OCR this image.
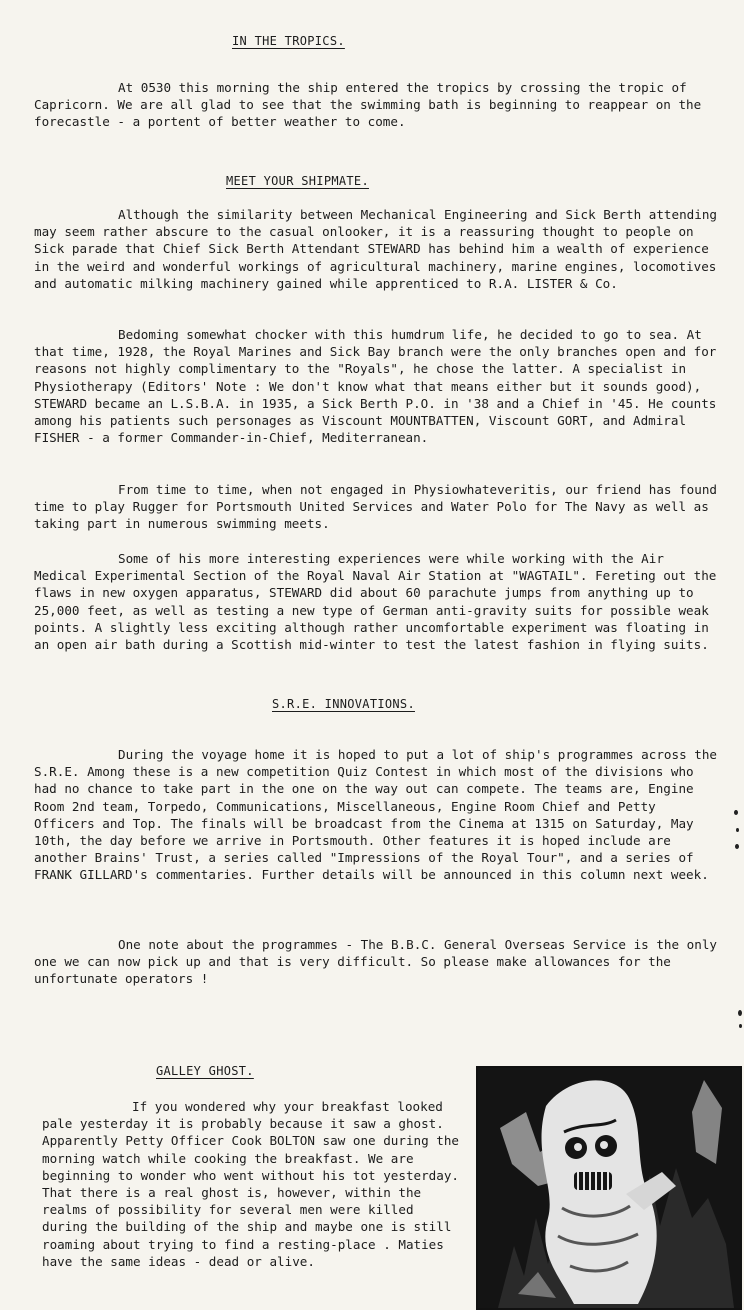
IN THE TROPICS.

At 0530 this morning the ship entered the tropics by crossing the tropic of Capricorn. We are all glad to see that the swimming bath is beginning to reappear on the forecastle - a portent of better weather to come.

MEET YOUR SHIPMATE.

Although the similarity between Mechanical Engineering and Sick Berth attending may seem rather abscure to the casual onlooker, it is a reassuring thought to people on Sick parade that Chief Sick Berth Attendant STEWARD has behind him a wealth of experience in the weird and wonderful workings of agricultural machinery, marine engines, locomotives and automatic milking machinery gained while apprenticed to R.A. LISTER & Co.

Bedoming somewhat chocker with this humdrum life, he decided to go to sea. At that time, 1928, the Royal Marines and Sick Bay branch were the only branches open and for reasons not highly complimentary to the "Royals", he chose the latter. A specialist in Physiotherapy (Editors' Note : We don't know what that means either but it sounds good), STEWARD became an L.S.B.A. in 1935, a Sick Berth P.O. in '38 and a Chief in '45. He counts among his patients such personages as Viscount MOUNTBATTEN, Viscount GORT, and Admiral FISHER - a former Commander-in-Chief, Mediterranean.

From time to time, when not engaged in Physiowhateveritis, our friend has found time to play Rugger for Portsmouth United Services and Water Polo for The Navy as well as taking part in numerous swimming meets.

Some of his more interesting experiences were while working with the Air Medical Experimental Section of the Royal Naval Air Station at "WAGTAIL". Fereting out the flaws in new oxygen apparatus, STEWARD did about 60 parachute jumps from anything up to 25,000 feet, as well as testing a new type of German anti-gravity suits for possible weak points. A slightly less exciting although rather uncomfortable experiment was floating in an open air bath during a Scottish mid-winter to test the latest fashion in flying suits.

S.R.E. INNOVATIONS.

During the voyage home it is hoped to put a lot of ship's programmes across the S.R.E. Among these is a new competition Quiz Contest in which most of the divisions who had no chance to take part in the one on the way out can compete. The teams are, Engine Room 2nd team, Torpedo, Communications, Miscellaneous, Engine Room Chief and Petty Officers and Top. The finals will be broadcast from the Cinema at 1315 on Saturday, May 10th, the day before we arrive in Portsmouth. Other features it is hoped include are another Brains' Trust, a series called "Impressions of the Royal Tour", and a series of FRANK GILLARD's commentaries. Further details will be announced in this column next week.

One note about the programmes - The B.B.C. General Overseas Service is the only one we can now pick up and that is very difficult. So please make allowances for the unfortunate operators !

GALLEY GHOST.

If you wondered why your breakfast looked pale yesterday it is probably because it saw a ghost. Apparently Petty Officer Cook BOLTON saw one during the morning watch while cooking the breakfast. We are beginning to wonder who went without his tot yesterday. That there is a real ghost is, however, within the realms of possibility for several men were killed during the building of the ship and maybe one is still roaming about trying to find a resting-place . Maties have the same ideas - dead or alive.
